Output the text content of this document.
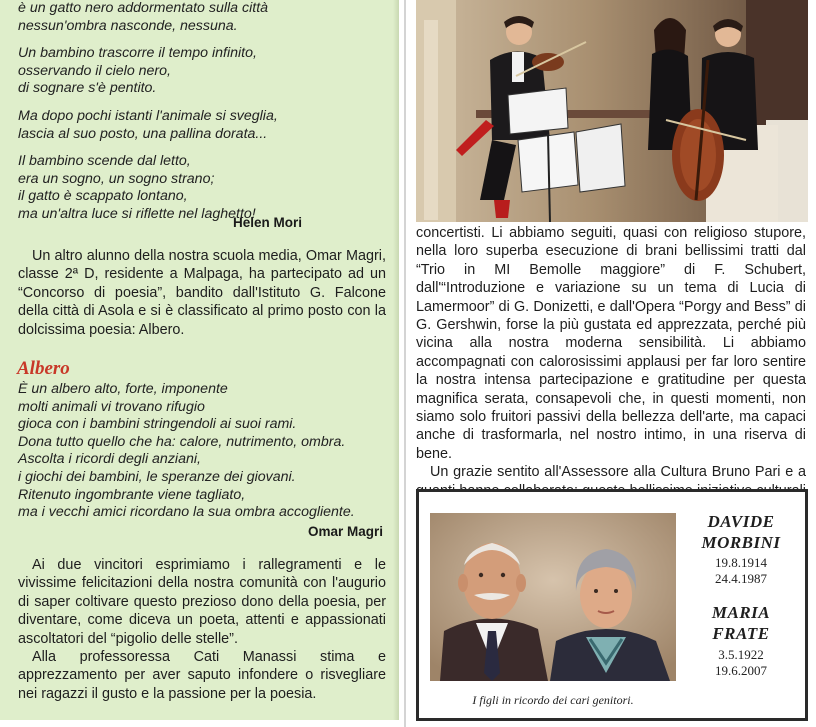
è un gatto nero addormentato sulla città
nessun'ombra nasconde, nessuna.
Un bambino trascorre il tempo infinito,
osservando il cielo nero,
di sognare s'è pentito.
Ma dopo pochi istanti l'animale si sveglia,
lascia al suo posto, una pallina dorata...
Il bambino scende dal letto,
era un sogno, un sogno strano;
il gatto è scappato lontano,
ma un'altra luce si riflette nel laghetto!
Helen Mori

Un altro alunno della nostra scuola media, Omar Magri, classe 2ª D, residente a Malpaga, ha partecipato ad un “Concorso di poesia”, bandito dall'Istituto G. Falcone della città di Asola e si è classificato al primo posto con la dolcissima poesia: Albero.

Albero
È un albero alto, forte, imponente
molti animali vi trovano rifugio
gioca con i bambini stringendoli ai suoi rami.
Dona tutto quello che ha: calore, nutrimento, ombra.
Ascolta i ricordi degli anziani,
i giochi dei bambini, le speranze dei giovani.
Ritenuto ingombrante viene tagliato,
ma i vecchi amici ricordano la sua ombra accogliente.
Omar Magri

Ai due vincitori esprimiamo i rallegramenti e le vivissime felicitazioni della nostra comunità con l'augurio di saper coltivare questo prezioso dono della poesia, per diventare, come diceva un poeta, attenti e appassionati ascoltatori del “pigolio delle stelle”.

Alla professoressa Cati Manassi stima e apprezzamento per aver saputo infondere o risvegliare nei ragazzi il gusto e la passione per la poesia.

concertisti. Li abbiamo seguiti, quasi con religioso stupore, nella loro superba esecuzione di brani bellissimi tratti dal “Trio in MI Bemolle maggiore” di F. Schubert, dall'“Introduzione e variazione su un tema di Lucia di Lamermoor” di G. Donizetti, e dall'Opera “Porgy and Bess” di G. Gershwin, forse la più gustata ed apprezzata, perché più vicina alla nostra moderna sensibilità. Li abbiamo accompagnati con calorosissimi applausi per far loro sentire la nostra intensa partecipazione e gratitudine per questa magnifica serata, consapevoli che, in questi momenti, non siamo solo fruitori passivi della bellezza dell'arte, ma capaci anche di trasformarla, nel nostro intimo, in una riserva di bene.

Un grazie sentito all'Assessore alla Cultura Bruno Pari e a

DAVIDE
MORBINI
19.8.1914
24.4.1987
MARIA
FRATE
3.5.1922
19.6.2007
I figli in ricordo dei cari genitori.
